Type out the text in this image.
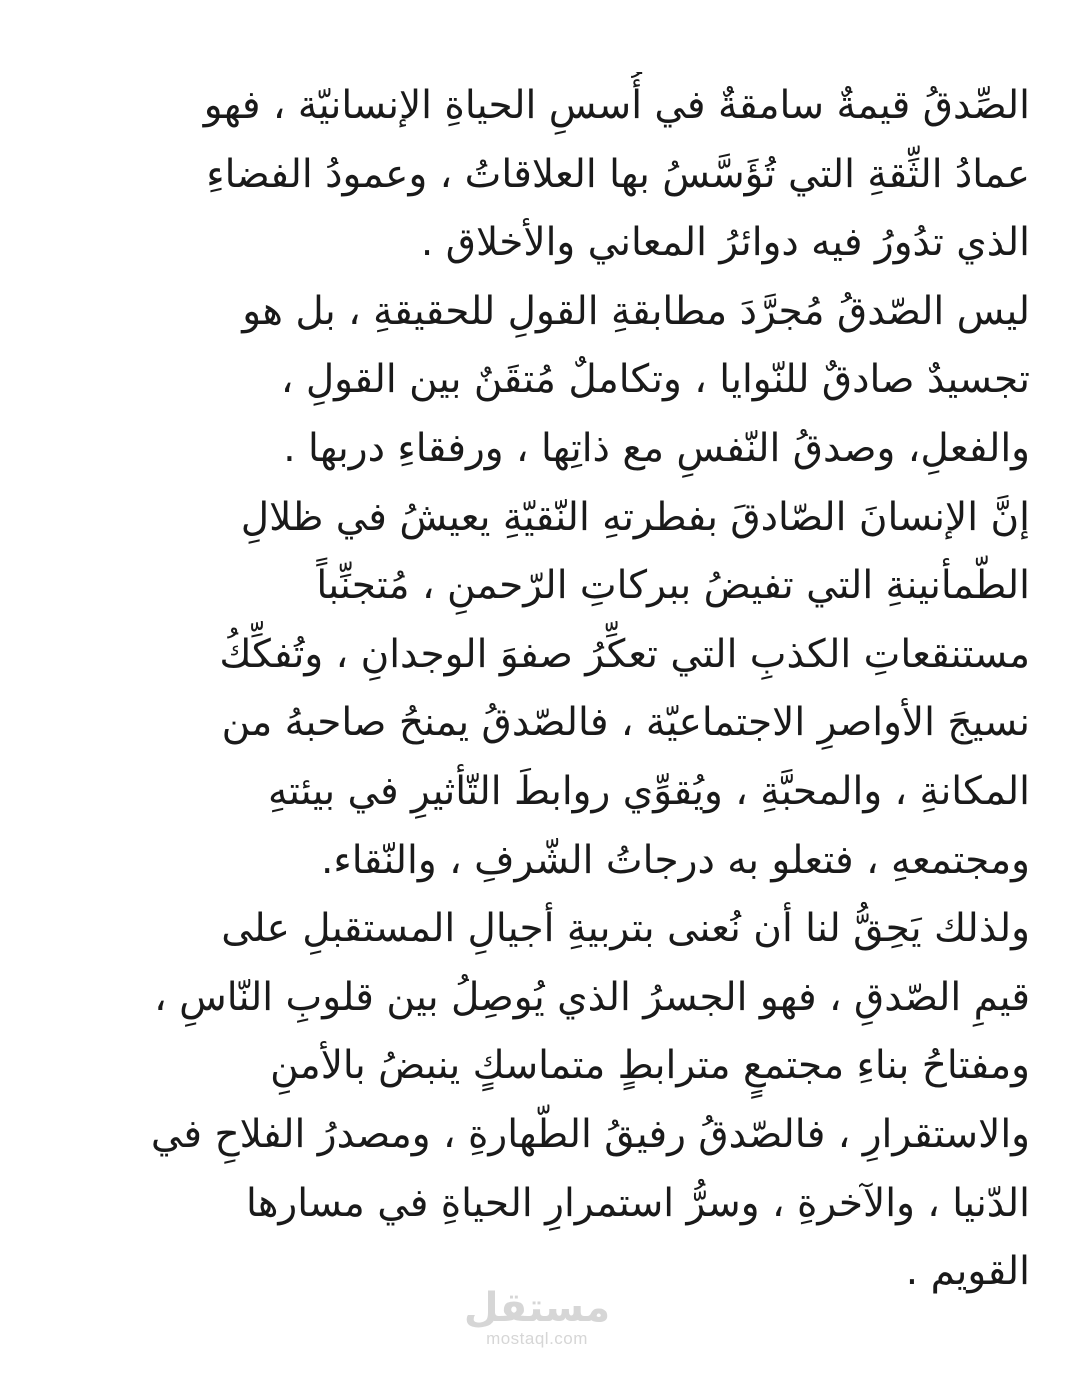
الصِّدقُ قيمةٌ سامقةٌ في أُسسِ الحياةِ الإنسانيّة ، فهو
عمادُ الثِّقةِ التي تُؤَسَّسُ بها العلاقاتُ ، وعمودُ الفضاءِ
الذي تدُورُ فيه دوائرُ المعاني والأخلاق .
ليس الصّدقُ مُجرَّدَ مطابقةِ القولِ للحقيقةِ ، بل هو
تجسيدٌ صادقٌ للنّوايا ، وتكاملٌ مُتقَنٌ بين القولِ ،
والفعلِ، وصدقُ النّفسِ مع ذاتِها ، ورفقاءِ دربها .
إنَّ الإنسانَ الصّادقَ بفطرتهِ النّقيّةِ يعيشُ في ظلالِ
الطّمأنينةِ التي تفيضُ ببركاتِ الرّحمنِ ، مُتجنِّباً
مستنقعاتِ الكذبِ التي تعكِّرُ صفوَ الوجدانِ ، وتُفكِّكُ
نسيجَ الأواصرِ الاجتماعيّة ، فالصّدقُ يمنحُ صاحبهُ من
المكانةِ ، والمحبَّةِ ، ويُقوِّي روابطَ التّأثيرِ في بيئتهِ
ومجتمعهِ ، فتعلو به درجاتُ الشّرفِ ، والنّقاء.
ولذلك يَحِقُّ لنا أن نُعنى بتربيةِ أجيالِ المستقبلِ على
قيمِ الصّدقِ ، فهو الجسرُ الذي يُوصِلُ بين قلوبِ النّاسِ ،
ومفتاحُ بناءِ مجتمعٍ مترابطٍ متماسكٍ ينبضُ بالأمنِ
والاستقرارِ ، فالصّدقُ رفيقُ الطّهارةِ ، ومصدرُ الفلاحِ في
الدّنيا ، والآخرةِ ، وسرُّ استمرارِ الحياةِ في مسارها
القويم .
مستقل
mostaql.com
